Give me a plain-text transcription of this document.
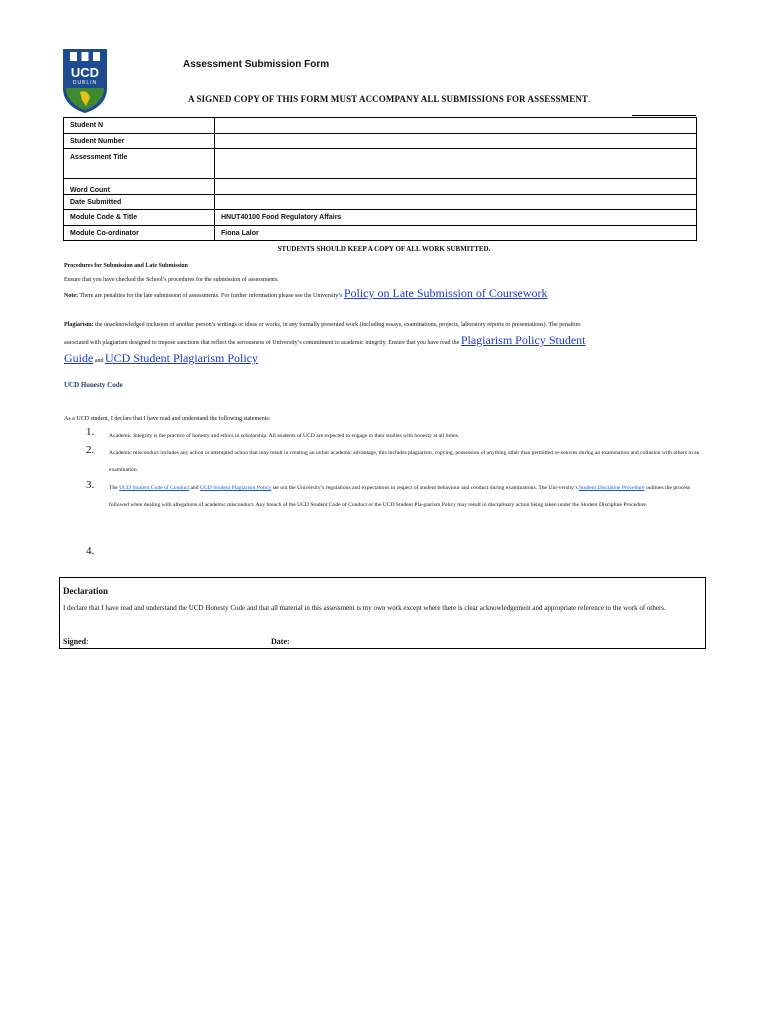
UCD
DUBLIN
Assessment Submission Form
A SIGNED COPY OF THIS FORM MUST ACCOMPANY ALL SUBMISSIONS FOR ASSESSMENT.
Student N	
Student Number	
Assessment Title	
Word Count	
Date Submitted	
Module Code & Title	HNUT40100 Food Regulatory Affairs
Module Co-ordinator	Fiona Lalor
STUDENTS SHOULD KEEP A COPY OF ALL WORK SUBMITTED.
Procedures for Submission and Late Submission
Ensure that you have checked the School’s procedures for the submission of assessments.
Note: There are penalties for the late submission of assessments. For further information please see the University’s Policy on Late Submission of Coursework
Plagiarism: the unacknowledged inclusion of another person’s writings or ideas or works, in any formally presented work (including essays, examinations, projects, laboratory reports or presentations). The penalties associated with plagiarism designed to impose sanctions that reflect the seriousness of University’s commitment to academic integrity. Ensure that you have read the Plagiarism Policy Student Guide and UCD Student Plagiarism Policy
UCD Honesty Code
As a UCD student, I declare that I have read and understand the following statements:
1.	Academic Integrity is the practice of honesty and ethics in scholarship. All students of UCD are expected to engage in their studies with honesty at all times.
2.	Academic misconduct includes any action or attempted action that may result in creating an unfair academic advantage, this includes plagiarism, copying, possession of anything other than permitted re-sources during an examination and collusion with others in an examination.
3.	The UCD Student Code of Conduct and UCD Student Plagiarism Policy set out the University’s regulations and expectations in respect of student behaviour and conduct during examinations. The Uni-versity’s Student Discipline Procedure outlines the process followed when dealing with allegations of academic misconduct. Any breach of the UCD Student Code of Conduct or the UCD Student Pla-giarism Policy may result in disciplinary action being taken under the Student Discipline Procedure.
4.
Declaration
I declare that I have read and understand the UCD Honesty Code and that all material in this assessment is my own work except where there is clear acknowledgement and appropriate reference to the work of others.
Signed:	Date:
